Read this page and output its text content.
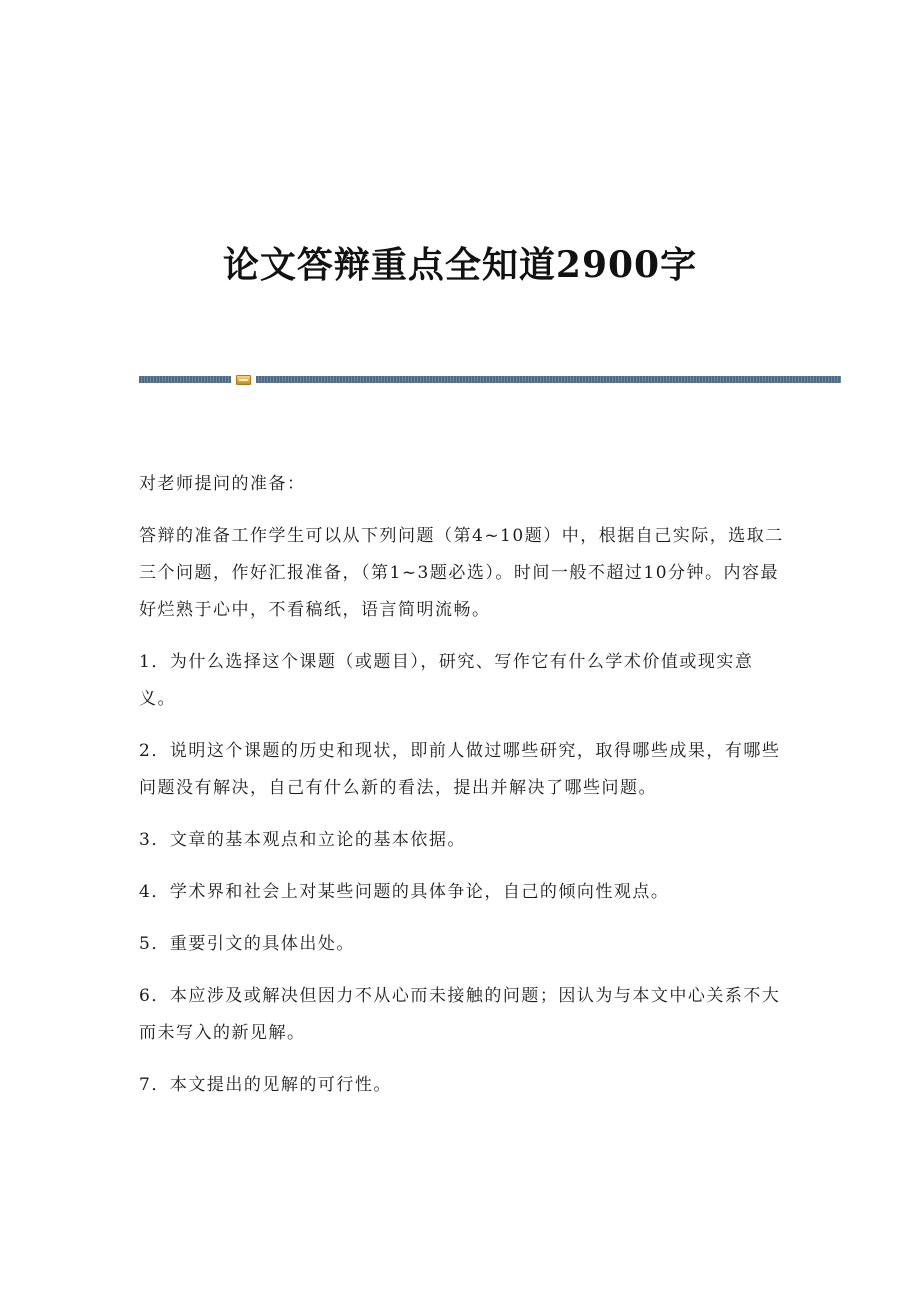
论文答辩重点全知道2900字

对老师提问的准备：

答辩的准备工作学生可以从下列问题（第4~10题）中，根据自己实际，选取二三个问题，作好汇报准备，（第1~3题必选）。时间一般不超过10分钟。内容最好烂熟于心中，不看稿纸，语言简明流畅。

1．为什么选择这个课题（或题目），研究、写作它有什么学术价值或现实意义。

2．说明这个课题的历史和现状，即前人做过哪些研究，取得哪些成果，有哪些问题没有解决，自己有什么新的看法，提出并解决了哪些问题。

3．文章的基本观点和立论的基本依据。

4．学术界和社会上对某些问题的具体争论，自己的倾向性观点。

5．重要引文的具体出处。

6．本应涉及或解决但因力不从心而未接触的问题；因认为与本文中心关系不大而未写入的新见解。

7．本文提出的见解的可行性。
